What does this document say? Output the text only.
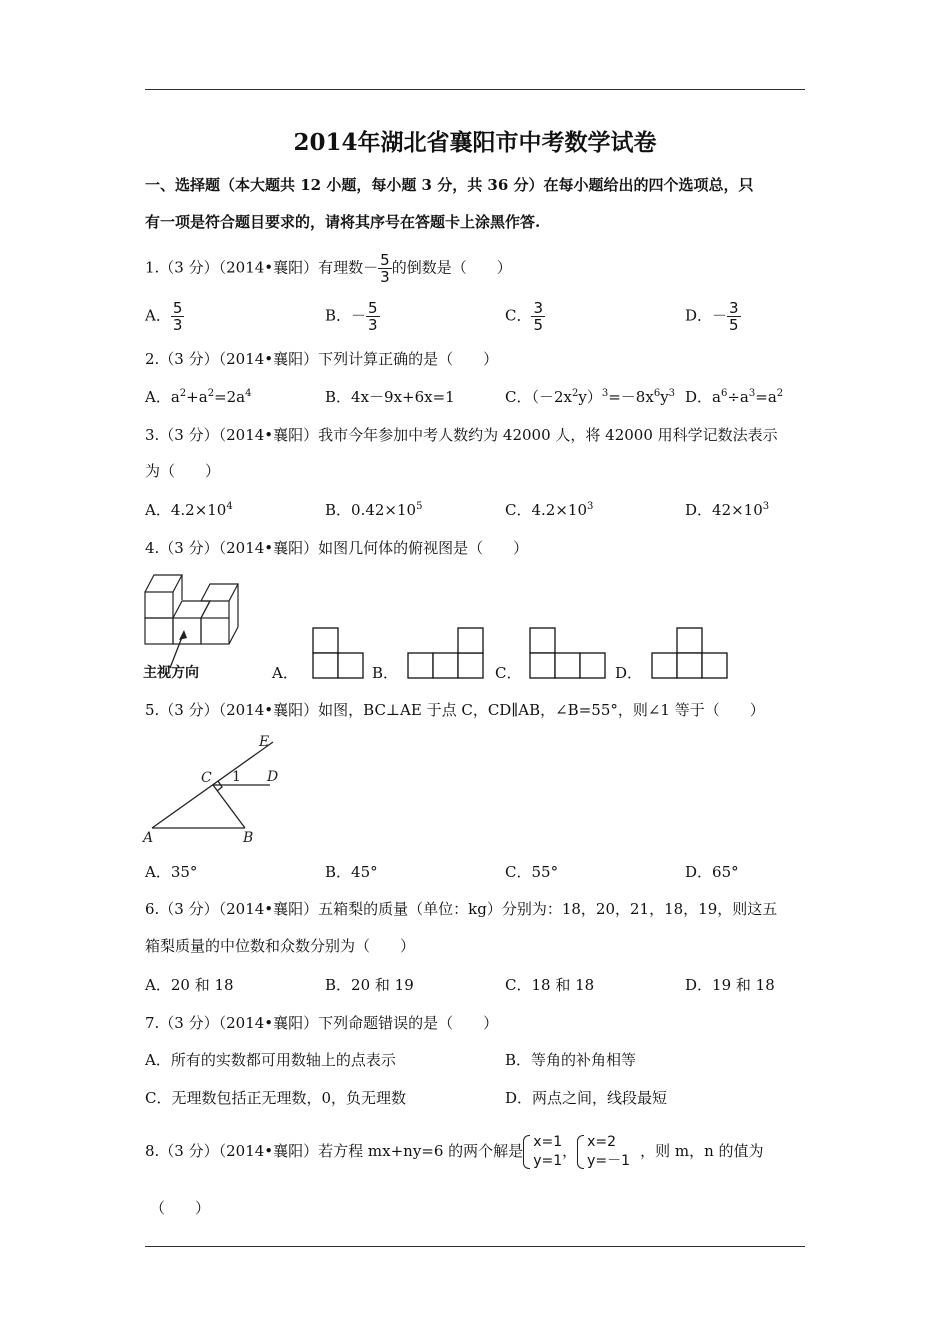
2014年湖北省襄阳市中考数学试卷
一、选择题（本大题共 12 小题，每小题 3 分，共 36 分）在每小题给出的四个选项总，只
有一项是符合题目要求的，请将其序号在答题卡上涂黑作答.
1.（3 分）（2014•襄阳）有理数－ $\frac{5}{3}$ 的倒数是（　　）
A． $\frac{5}{3}$	B．－ $\frac{5}{3}$	C． $\frac{3}{5}$	D．－ $\frac{3}{5}$
2.（3 分）（2014•襄阳）下列计算正确的是（　　）
A．$a^2+a^2=2a^4$	B．4x－9x+6x=1	C．$(-2x^2y)^3=-8x^6y^3$ D．$a^6\div a^3=a^2$
3.（3 分）（2014•襄阳）我市今年参加中考人数约为 42000 人，将 42000 用科学记数法表示
为（　　）
A．$4.2\times 10^4$	B．$0.42\times 10^5$	C．$4.2\times 10^3$	D．$42\times 10^3$
4.（3 分）（2014•襄阳）如图几何体的俯视图是（　　）
主视方向	A．	B．	C．	D．
5.（3 分）（2014•襄阳）如图，BC⊥AE 于点 C，CD∥AB，∠B=55°，则∠1 等于（　　）
E
C 1 D
A	B
A．35°	B．45°	C．55°	D．65°
6.（3 分）（2014•襄阳）五箱梨的质量（单位：kg）分别为：18，20，21，18，19，则这五
箱梨质量的中位数和众数分别为（　　）
A．20 和 18	B．20 和 19	C．18 和 18	D．19 和 18
7.（3 分）（2014•襄阳）下列命题错误的是（　　）
A．所有的实数都可用数轴上的点表示	B．等角的补角相等
C．无理数包括正无理数，0，负无理数	D．两点之间，线段最短
8.（3 分）（2014•襄阳）若方程 mx+ny=6 的两个解是 x=1
y=1
， x=2
y=－1
，则 m，n 的值为
（　　）
